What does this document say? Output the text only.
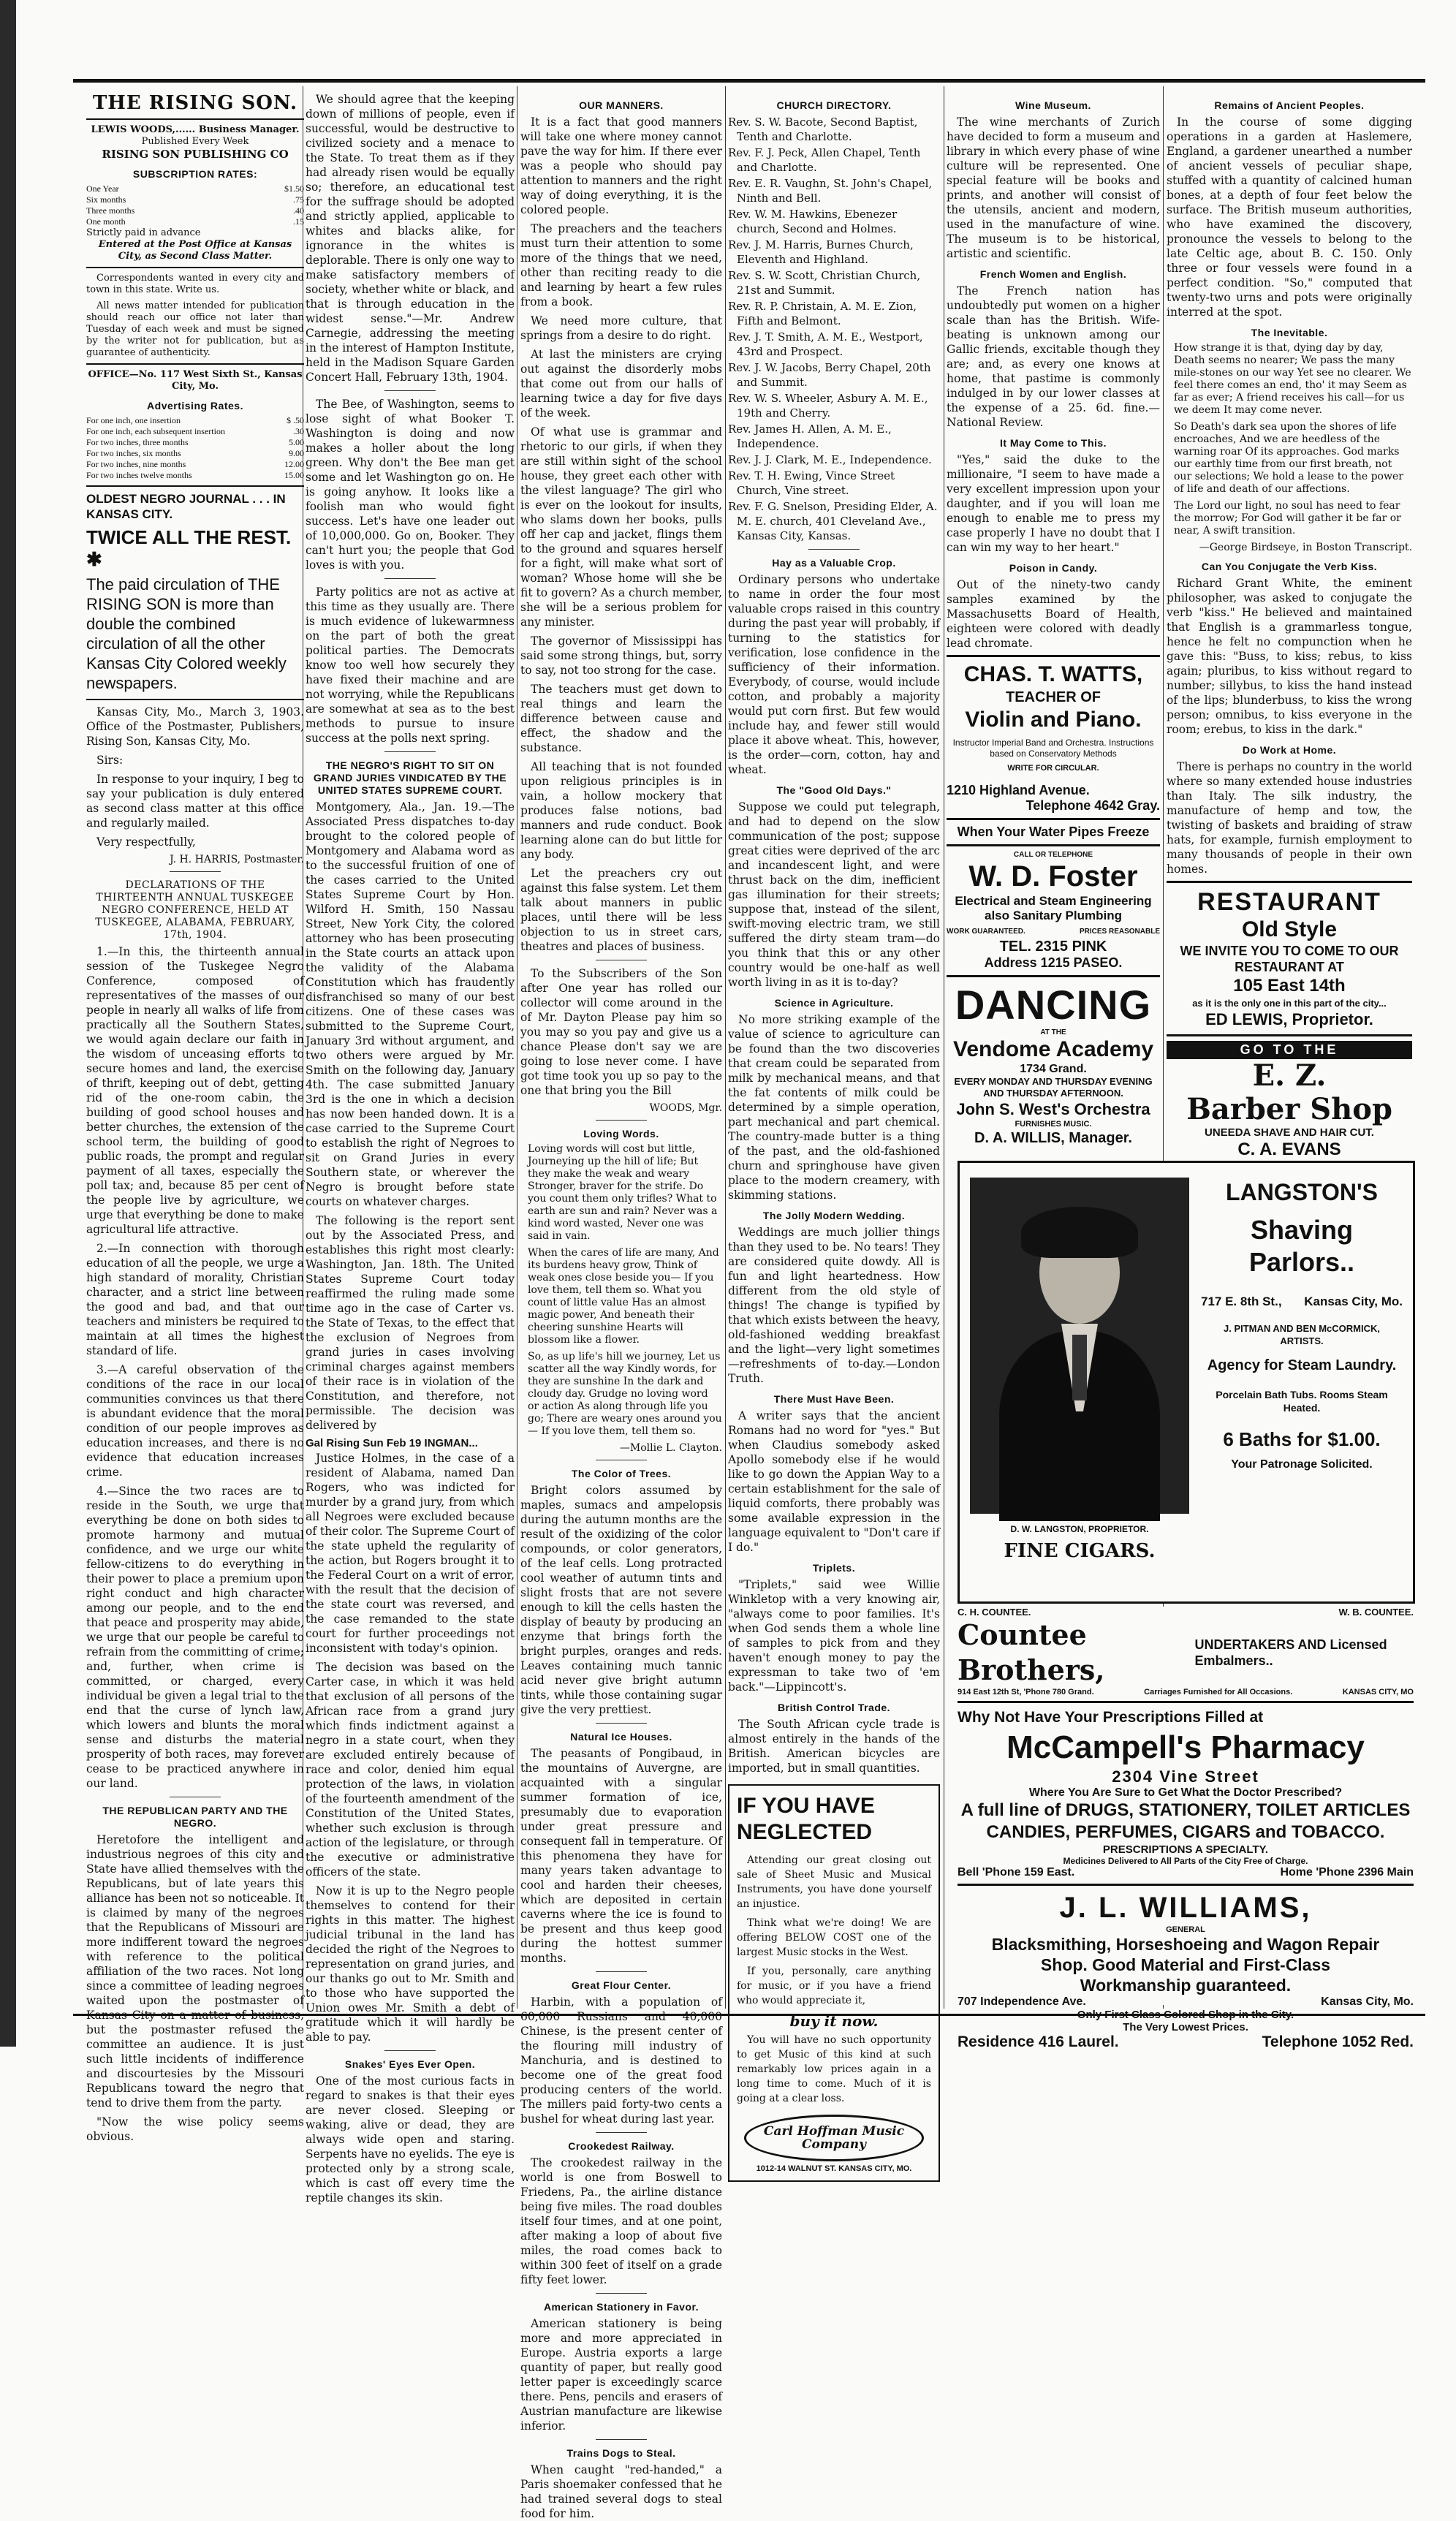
THE RISING SON.
LEWIS WOODS,...... Business Manager.
Published Every Week
RISING SON PUBLISHING CO
SUBSCRIPTION RATES:
One Year	$1.50
Six months	.75
Three months	.40
One month	.15
Strictly paid in advance
Entered at the Post Office at Kansas City, as Second Class Matter.

Correspondents wanted in every city and town in this state. Write us.

All news matter intended for publication should reach our office not later than Tuesday of each week and must be signed by the writer not for publication, but as guarantee of authenticity.

OFFICE—No. 117 West Sixth St., Kansas City, Mo.
Advertising Rates.
For one inch, one insertion	$ .50
For one inch, each subsequent insertion	.30
For two inches, three months	5.00
For two inches, six months	9.00
For two inches, nine months	12.00
For two inches twelve months	15.00
OLDEST NEGRO JOURNAL . . . IN KANSAS CITY.
TWICE ALL THE REST. ✱
The paid circulation of THE RISING SON is more than double the combined circulation of all the other Kansas City Colored weekly newspapers.

Kansas City, Mo., March 3, 1903. Office of the Postmaster, Publishers, Rising Son, Kansas City, Mo.

Sirs:

In response to your inquiry, I beg to say your publication is duly entered as second class matter at this office and regularly mailed.

Very respectfully,

J. H. HARRIS, Postmaster.
DECLARATIONS OF THE THIRTEENTH ANNUAL TUSKEGEE NEGRO CONFERENCE, HELD AT TUSKEGEE, ALABAMA, FEBRUARY, 17th, 1904.

1.—In this, the thirteenth annual session of the Tuskegee Negro Conference, composed of representatives of the masses of our people in nearly all walks of life from practically all the Southern States, we would again declare our faith in the wisdom of unceasing efforts to secure homes and land, the exercise of thrift, keeping out of debt, getting rid of the one-room cabin, the building of good school houses and better churches, the extension of the school term, the building of good public roads, the prompt and regular payment of all taxes, especially the poll tax; and, because 85 per cent of the people live by agriculture, we urge that everything be done to make agricultural life attractive.

2.—In connection with thorough education of all the people, we urge a high standard of morality, Christian character, and a strict line between the good and bad, and that our teachers and ministers be required to maintain at all times the highest standard of life.

3.—A careful observation of the conditions of the race in our local communities convinces us that there is abundant evidence that the moral condition of our people improves as education increases, and there is no evidence that education increases crime.

4.—Since the two races are to reside in the South, we urge that everything be done on both sides to promote harmony and mutual confidence, and we urge our white fellow-citizens to do everything in their power to place a premium upon right conduct and high character among our people, and to the end that peace and prosperity may abide, we urge that our people be careful to refrain from the committing of crime; and, further, when crime is committed, or charged, every individual be given a legal trial to the end that the curse of lynch law, which lowers and blunts the moral sense and disturbs the material prosperity of both races, may forever cease to be practiced anywhere in our land.

THE REPUBLICAN PARTY AND THE NEGRO.

Heretofore the intelligent and industrious negroes of this city and State have allied themselves with the Republicans, but of late years this alliance has been not so noticeable. It is claimed by many of the negroes that the Republicans of Missouri are more indifferent toward the negroes with reference to the political affiliation of the two races. Not long since a committee of leading negroes waited upon the postmaster of Kansas City on a matter of business, but the postmaster refused the committee an audience. It is just such little incidents of indifference and discourtesies by the Missouri Republicans toward the negro that tend to drive them from the party.

"Now the wise policy seems obvious.

We should agree that the keeping down of millions of people, even if successful, would be destructive to civilized society and a menace to the State. To treat them as if they had already risen would be equally so; therefore, an educational test for the suffrage should be adopted and strictly applied, applicable to whites and blacks alike, for ignorance in the whites is deplorable. There is only one way to make satisfactory members of society, whether white or black, and that is through education in the widest sense."—Mr. Andrew Carnegie, addressing the meeting in the interest of Hampton Institute, held in the Madison Square Garden Concert Hall, February 13th, 1904.

The Bee, of Washington, seems to lose sight of what Booker T. Washington is doing and now makes a holler about the long green. Why don't the Bee man get some and let Washington go on. He is going anyhow. It looks like a foolish man who would fight success. Let's have one leader out of 10,000,000. Go on, Booker. They can't hurt you; the people that God loves is with you.

Party politics are not as active at this time as they usually are. There is much evidence of lukewarmness on the part of both the great political parties. The Democrats know too well how securely they have fixed their machine and are not worrying, while the Republicans are somewhat at sea as to the best methods to pursue to insure success at the polls next spring.

THE NEGRO'S RIGHT TO SIT ON GRAND JURIES VINDICATED BY THE UNITED STATES SUPREME COURT.

Montgomery, Ala., Jan. 19.—The Associated Press dispatches to-day brought to the colored people of Montgomery and Alabama word as to the successful fruition of one of the cases carried to the United States Supreme Court by Hon. Wilford H. Smith, 150 Nassau Street, New York City, the colored attorney who has been prosecuting in the State courts an attack upon the validity of the Alabama Constitution which has fraudently disfranchised so many of our best citizens. One of these cases was submitted to the Supreme Court, January 3rd without argument, and two others were argued by Mr. Smith on the following day, January 4th. The case submitted January 3rd is the one in which a decision has now been handed down. It is a case carried to the Supreme Court to establish the right of Negroes to sit on Grand Juries in every Southern state, or wherever the Negro is brought before state courts on whatever charges.

The following is the report sent out by the Associated Press, and establishes this right most clearly: Washington, Jan. 18th. The United States Supreme Court today reaffirmed the ruling made some time ago in the case of Carter vs. the State of Texas, to the effect that the exclusion of Negroes from grand juries in cases involving criminal charges against members of their race is in violation of the Constitution, and therefore, not permissible. The decision was delivered by

Gal Rising Sun Feb 19 INGMAN...

Justice Holmes, in the case of a resident of Alabama, named Dan Rogers, who was indicted for murder by a grand jury, from which all Negroes were excluded because of their color. The Supreme Court of the state upheld the regularity of the action, but Rogers brought it to the Federal Court on a writ of error, with the result that the decision of the state court was reversed, and the case remanded to the state court for further proceedings not inconsistent with today's opinion.

The decision was based on the Carter case, in which it was held that exclusion of all persons of the African race from a grand jury which finds indictment against a negro in a state court, when they are excluded entirely because of race and color, denied him equal protection of the laws, in violation of the fourteenth amendment of the Constitution of the United States, whether such exclusion is through action of the legislature, or through the executive or administrative officers of the state.

Now it is up to the Negro people themselves to contend for their rights in this matter. The highest judicial tribunal in the land has decided the right of the Negroes to representation on grand juries, and our thanks go out to Mr. Smith and to those who have supported the Union owes Mr. Smith a debt of gratitude which it will hardly be able to pay.

Snakes' Eyes Ever Open.

One of the most curious facts in regard to snakes is that their eyes are never closed. Sleeping or waking, alive or dead, they are always wide open and staring. Serpents have no eyelids. The eye is protected only by a strong scale, which is cast off every time the reptile changes its skin.

OUR MANNERS.

It is a fact that good manners will take one where money cannot pave the way for him. If there ever was a people who should pay attention to manners and the right way of doing everything, it is the colored people.

The preachers and the teachers must turn their attention to some more of the things that we need, other than reciting ready to die and learning by heart a few rules from a book.

We need more culture, that springs from a desire to do right.

At last the ministers are crying out against the disorderly mobs that come out from our halls of learning twice a day for five days of the week.

Of what use is grammar and rhetoric to our girls, if when they are still within sight of the school house, they greet each other with the vilest language? The girl who is ever on the lookout for insults, who slams down her books, pulls off her cap and jacket, flings them to the ground and squares herself for a fight, will make what sort of woman? Whose home will she be fit to govern? As a church member, she will be a serious problem for any minister.

The governor of Mississippi has said some strong things, but, sorry to say, not too strong for the case.

The teachers must get down to real things and learn the difference between cause and effect, the shadow and the substance.

All teaching that is not founded upon religious principles is in vain, a hollow mockery that produces false notions, bad manners and rude conduct. Book learning alone can do but little for any body.

Let the preachers cry out against this false system. Let them talk about manners in public places, until there will be less objection to us in street cars, theatres and places of business.

To the Subscribers of the Son after One year has rolled our collector will come around in the of Mr. Dayton Please pay him so you may so you pay and give us a chance Please don't say we are going to lose never come. I have got time took you up so pay to the one that bring you the Bill

WOODS, Mgr.
Loving Words.

Loving words will cost but little, Journeying up the hill of life; But they make the weak and weary Stronger, braver for the strife. Do you count them only trifles? What to earth are sun and rain? Never was a kind word wasted, Never one was said in vain.

When the cares of life are many, And its burdens heavy grow, Think of weak ones close beside you— If you love them, tell them so. What you count of little value Has an almost magic power, And beneath their cheering sunshine Hearts will blossom like a flower.

So, as up life's hill we journey, Let us scatter all the way Kindly words, for they are sunshine In the dark and cloudy day. Grudge no loving word or action As along through life you go; There are weary ones around you— If you love them, tell them so.

—Mollie L. Clayton.
The Color of Trees.

Bright colors assumed by maples, sumacs and ampelopsis during the autumn months are the result of the oxidizing of the color compounds, or color generators, of the leaf cells. Long protracted cool weather of autumn tints and slight frosts that are not severe enough to kill the cells hasten the display of beauty by producing an enzyme that brings forth the bright purples, oranges and reds. Leaves containing much tannic acid never give bright autumn tints, while those containing sugar give the very prettiest.

Natural Ice Houses.

The peasants of Pongibaud, in the mountains of Auvergne, are acquainted with a singular summer formation of ice, presumably due to evaporation under great pressure and consequent fall in temperature. Of this phenomena they have for many years taken advantage to cool and harden their cheeses, which are deposited in certain caverns where the ice is found to be present and thus keep good during the hottest summer months.

Great Flour Center.

Harbin, with a population of 60,000 Russians and 40,000 Chinese, is the present center of the flouring mill industry of Manchuria, and is destined to become one of the great food producing centers of the world. The millers paid forty-two cents a bushel for wheat during last year.

Crookedest Railway.

The crookedest railway in the world is one from Boswell to Friedens, Pa., the airline distance being five miles. The road doubles itself four times, and at one point, after making a loop of about five miles, the road comes back to within 300 feet of itself on a grade fifty feet lower.

American Stationery in Favor.

American stationery is being more and more appreciated in Europe. Austria exports a large quantity of paper, but really good letter paper is exceedingly scarce there. Pens, pencils and erasers of Austrian manufacture are likewise inferior.

Trains Dogs to Steal.

When caught "red-handed," a Paris shoemaker confessed that he had trained several dogs to steal food for him.

CHURCH DIRECTORY.

Rev. S. W. Bacote, Second Baptist, Tenth and Charlotte.

Rev. F. J. Peck, Allen Chapel, Tenth and Charlotte.

Rev. E. R. Vaughn, St. John's Chapel, Ninth and Bell.

Rev. W. M. Hawkins, Ebenezer church, Second and Holmes.

Rev. J. M. Harris, Burnes Church, Eleventh and Highland.

Rev. S. W. Scott, Christian Church, 21st and Summit.

Rev. R. P. Christain, A. M. E. Zion, Fifth and Belmont.

Rev. J. T. Smith, A. M. E., Westport, 43rd and Prospect.

Rev. J. W. Jacobs, Berry Chapel, 20th and Summit.

Rev. W. S. Wheeler, Asbury A. M. E., 19th and Cherry.

Rev. James H. Allen, A. M. E., Independence.

Rev. J. J. Clark, M. E., Independence.

Rev. T. H. Ewing, Vince Street Church, Vine street.

Rev. F. G. Snelson, Presiding Elder, A. M. E. church, 401 Cleveland Ave., Kansas City, Kansas.

Hay as a Valuable Crop.

Ordinary persons who undertake to name in order the four most valuable crops raised in this country during the past year will probably, if turning to the statistics for verification, lose confidence in the sufficiency of their information. Everybody, of course, would include cotton, and probably a majority would put corn first. But few would include hay, and fewer still would place it above wheat. This, however, is the order—corn, cotton, hay and wheat.

The "Good Old Days."

Suppose we could put telegraph, and had to depend on the slow communication of the post; suppose great cities were deprived of the arc and incandescent light, and were thrust back on the dim, inefficient gas illumination for their streets; suppose that, instead of the silent, swift-moving electric tram, we still suffered the dirty steam tram—do you think that this or any other country would be one-half as well worth living in as it is to-day?

Science in Agriculture.

No more striking example of the value of science to agriculture can be found than the two discoveries that cream could be separated from milk by mechanical means, and that the fat contents of milk could be determined by a simple operation, part mechanical and part chemical. The country-made butter is a thing of the past, and the old-fashioned churn and springhouse have given place to the modern creamery, with skimming stations.

The Jolly Modern Wedding.

Weddings are much jollier things than they used to be. No tears! They are considered quite dowdy. All is fun and light heartedness. How different from the old style of things! The change is typified by that which exists between the heavy, old-fashioned wedding breakfast and the light—very light sometimes—refreshments of to-day.—London Truth.

There Must Have Been.

A writer says that the ancient Romans had no word for "yes." But when Claudius somebody asked Apollo somebody else if he would like to go down the Appian Way to a certain establishment for the sale of liquid comforts, there probably was some available expression in the language equivalent to "Don't care if I do."

Triplets.

"Triplets," said wee Willie Winkletop with a very knowing air, "always come to poor families. It's when God sends them a whole line of samples to pick from and they haven't enough money to pay the expressman to take two of 'em back."—Lippincott's.

British Control Trade.

The South African cycle trade is almost entirely in the hands of the British. American bicycles are imported, but in small quantities.

IF YOU HAVE
NEGLECTED

Attending our great closing out sale of Sheet Music and Musical Instruments, you have done yourself an injustice.

Think what we're doing! We are offering BELOW COST one of the largest Music stocks in the West.

If you, personally, care anything for music, or if you have a friend who would appreciate it,

buy it now.

You will have no such opportunity to get Music of this kind at such remarkably low prices again in a long time to come. Much of it is going at a clear loss.

Carl Hoffman Music Company
1012-14 WALNUT ST. KANSAS CITY, MO.
Wine Museum.

The wine merchants of Zurich have decided to form a museum and library in which every phase of wine culture will be represented. One special feature will be books and prints, and another will consist of the utensils, ancient and modern, used in the manufacture of wine. The museum is to be historical, artistic and scientific.

French Women and English.

The French nation has undoubtedly put women on a higher scale than has the British. Wife-beating is unknown among our Gallic friends, excitable though they are; and, as every one knows at home, that pastime is commonly indulged in by our lower classes at the expense of a 25. 6d. fine.—National Review.

It May Come to This.

"Yes," said the duke to the millionaire, "I seem to have made a very excellent impression upon your daughter, and if you will loan me enough to enable me to press my case properly I have no doubt that I can win my way to her heart."

Poison in Candy.

Out of the ninety-two candy samples examined by the Massachusetts Board of Health, eighteen were colored with deadly lead chromate.

CHAS. T. WATTS,
TEACHER OF
Violin and Piano.
Instructor Imperial Band and Orchestra. Instructions based on Conservatory Methods
WRITE FOR CIRCULAR.
1210 Highland Avenue.
Telephone 4642 Gray.
When Your Water Pipes Freeze
CALL OR TELEPHONE
W. D. Foster
Electrical and Steam Engineering
also Sanitary Plumbing
WORK GUARANTEED.	PRICES REASONABLE
TEL. 2315 PINK
Address 1215 PASEO.
DANCING
AT THE
Vendome Academy
1734 Grand.
EVERY MONDAY AND THURSDAY EVENING AND THURSDAY AFTERNOON.
John S. West's Orchestra
FURNISHES MUSIC.
D. A. WILLIS, Manager.
Remains of Ancient Peoples.

In the course of some digging operations in a garden at Haslemere, England, a gardener unearthed a number of ancient vessels of peculiar shape, stuffed with a quantity of calcined human bones, at a depth of four feet below the surface. The British museum authorities, who have examined the discovery, pronounce the vessels to belong to the late Celtic age, about B. C. 150. Only three or four vessels were found in a perfect condition. "So," computed that twenty-two urns and pots were originally interred at the spot.

The Inevitable.

How strange it is that, dying day by day, Death seems no nearer; We pass the many mile-stones on our way Yet see no clearer. We feel there comes an end, tho' it may Seem as far as ever; A friend receives his call—for us we deem It may come never.

So Death's dark sea upon the shores of life encroaches, And we are heedless of the warning roar Of its approaches. God marks our earthly time from our first breath, not our selections; We hold a lease to the power of life and death of our affections.

The Lord our light, no soul has need to fear the morrow; For God will gather it be far or near, A swift transition.

—George Birdseye, in Boston Transcript.
Can You Conjugate the Verb Kiss.

Richard Grant White, the eminent philosopher, was asked to conjugate the verb "kiss." He believed and maintained that English is a grammarless tongue, hence he felt no compunction when he gave this: "Buss, to kiss; rebus, to kiss again; pluribus, to kiss without regard to number; sillybus, to kiss the hand instead of the lips; blunderbuss, to kiss the wrong person; omnibus, to kiss everyone in the room; erebus, to kiss in the dark."

Do Work at Home.

There is perhaps no country in the world where so many extended house industries than Italy. The silk industry, the manufacture of hemp and tow, the twisting of baskets and braiding of straw hats, for example, furnish employment to many thousands of people in their own homes.

RESTAURANT
Old Style
WE INVITE YOU TO COME TO OUR RESTAURANT AT
105 East 14th
as it is the only one in this part of the city...
ED LEWIS, Proprietor.
GO TO THE
E. Z.
Barber Shop
UNEEDA SHAVE AND HAIR CUT.
C. A. EVANS
D. W. LANGSTON, PROPRIETOR.
FINE CIGARS.
LANGSTON'S
Shaving
Parlors..
717 E. 8th St., Kansas City, Mo.
J. PITMAN AND BEN McCORMICK, ARTISTS.
Agency for Steam Laundry.
Porcelain Bath Tubs. Rooms Steam Heated.
6 Baths for $1.00.
Your Patronage Solicited.
C. H. COUNTEE.	W. B. COUNTEE.
Countee Brothers,
UNDERTAKERS AND Licensed Embalmers..
914 East 12th St, 'Phone 780 Grand.	Carriages Furnished for All Occasions.	KANSAS CITY, MO
Why Not Have Your Prescriptions Filled at
McCampell's Pharmacy
2304 Vine Street
Where You Are Sure to Get What the Doctor Prescribed?
A full line of DRUGS, STATIONERY, TOILET ARTICLES
CANDIES, PERFUMES, CIGARS and TOBACCO.
PRESCRIPTIONS A SPECIALTY.
Medicines Delivered to All Parts of the City Free of Charge.
Bell 'Phone 159 East.	Home 'Phone 2396 Main
J. L. WILLIAMS,
GENERAL
Blacksmithing, Horseshoeing and Wagon Repair
Shop. Good Material and First-Class
Workmanship guaranteed.
707 Independence Ave.	Kansas City, Mo.
Only First Class Colored Shop in the City.
The Very Lowest Prices.
Residence 416 Laurel.	Telephone 1052 Red.
